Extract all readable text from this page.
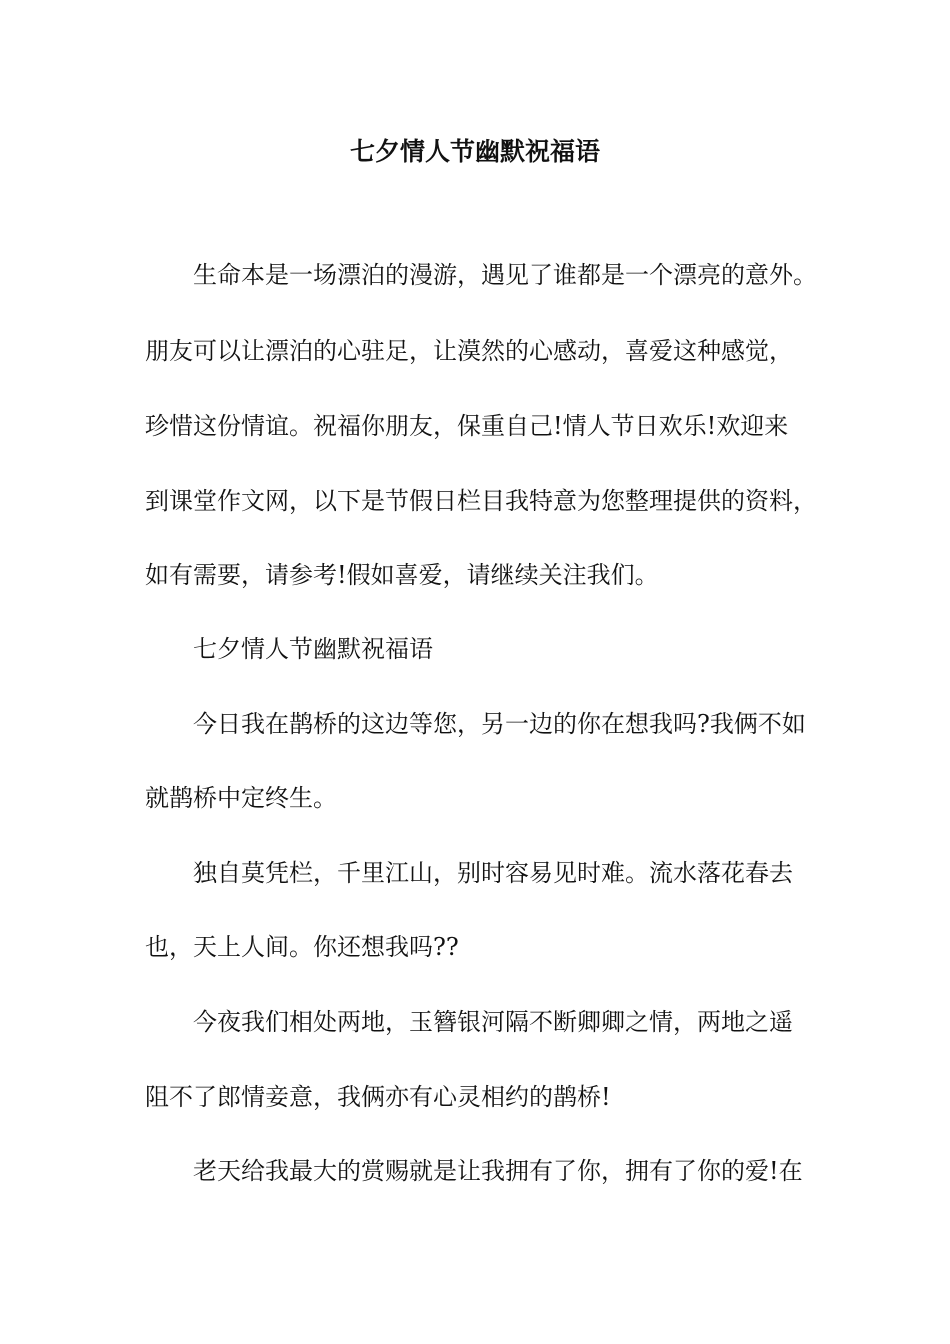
七夕情人节幽默祝福语
生命本是一场漂泊的漫游，遇见了谁都是一个漂亮的意外。
朋友可以让漂泊的心驻足，让漠然的心感动，喜爱这种感觉，
珍惜这份情谊。祝福你朋友，保重自己!情人节日欢乐!欢迎来
到课堂作文网，以下是节假日栏目我特意为您整理提供的资料，
如有需要，请参考!假如喜爱，请继续关注我们。
七夕情人节幽默祝福语
今日我在鹊桥的这边等您，另一边的你在想我吗?我俩不如
就鹊桥中定终生。
独自莫凭栏，千里江山，别时容易见时难。流水落花春去
也，天上人间。你还想我吗??
今夜我们相处两地，玉簪银河隔不断卿卿之情，两地之遥
阻不了郎情妾意，我俩亦有心灵相约的鹊桥!
老天给我最大的赏赐就是让我拥有了你，拥有了你的爱!在
